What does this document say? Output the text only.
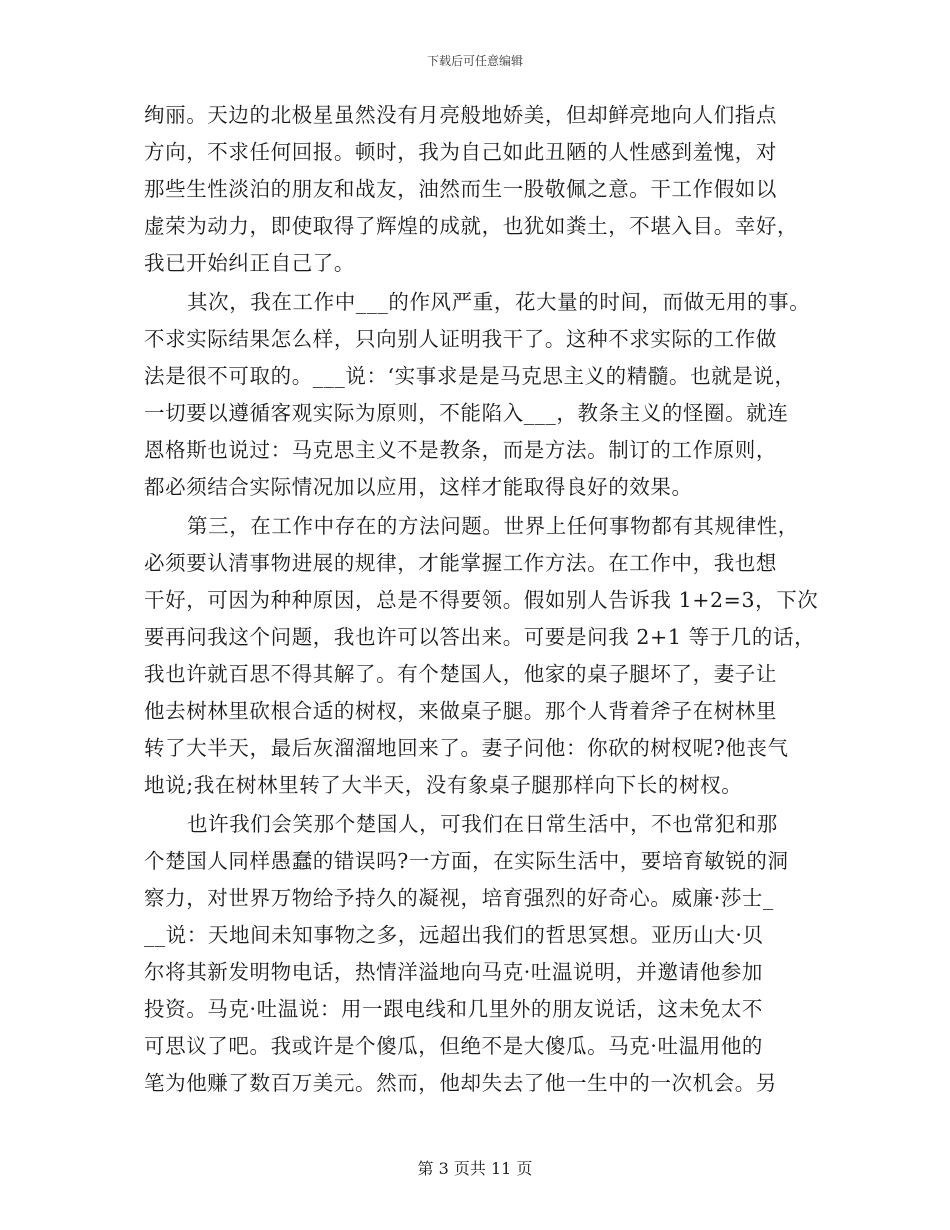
下载后可任意编辑
绚丽。天边的北极星虽然没有月亮般地娇美，但却鲜亮地向人们指点
方向，不求任何回报。顿时，我为自己如此丑陋的人性感到羞愧，对
那些生性淡泊的朋友和战友，油然而生一股敬佩之意。干工作假如以
虚荣为动力，即使取得了辉煌的成就，也犹如粪土，不堪入目。幸好，
我已开始纠正自己了。
其次，我在工作中___的作风严重，花大量的时间，而做无用的事。
不求实际结果怎么样，只向别人证明我干了。这种不求实际的工作做
法是很不可取的。___说：‘实事求是是马克思主义的精髓。也就是说，
一切要以遵循客观实际为原则，不能陷入___，教条主义的怪圈。就连
恩格斯也说过：马克思主义不是教条，而是方法。制订的工作原则，
都必须结合实际情况加以应用，这样才能取得良好的效果。
第三，在工作中存在的方法问题。世界上任何事物都有其规律性，
必须要认清事物进展的规律，才能掌握工作方法。在工作中，我也想
干好，可因为种种原因，总是不得要领。假如别人告诉我 1+2=3，下次
要再问我这个问题，我也许可以答出来。可要是问我 2+1 等于几的话，
我也许就百思不得其解了。有个楚国人，他家的桌子腿坏了，妻子让
他去树林里砍根合适的树杈，来做桌子腿。那个人背着斧子在树林里
转了大半天，最后灰溜溜地回来了。妻子问他：你砍的树杈呢?他丧气
地说;我在树林里转了大半天，没有象桌子腿那样向下长的树杈。
也许我们会笑那个楚国人，可我们在日常生活中，不也常犯和那
个楚国人同样愚蠢的错误吗?一方面，在实际生活中，要培育敏锐的洞
察力，对世界万物给予持久的凝视，培育强烈的好奇心。威廉·莎士_
__说：天地间未知事物之多，远超出我们的哲思冥想。亚历山大·贝
尔将其新发明物电话，热情洋溢地向马克·吐温说明，并邀请他参加
投资。马克·吐温说：用一跟电线和几里外的朋友说话，这未免太不
可思议了吧。我或许是个傻瓜，但绝不是大傻瓜。马克·吐温用他的
笔为他赚了数百万美元。然而，他却失去了他一生中的一次机会。另
第 3 页共 11 页
